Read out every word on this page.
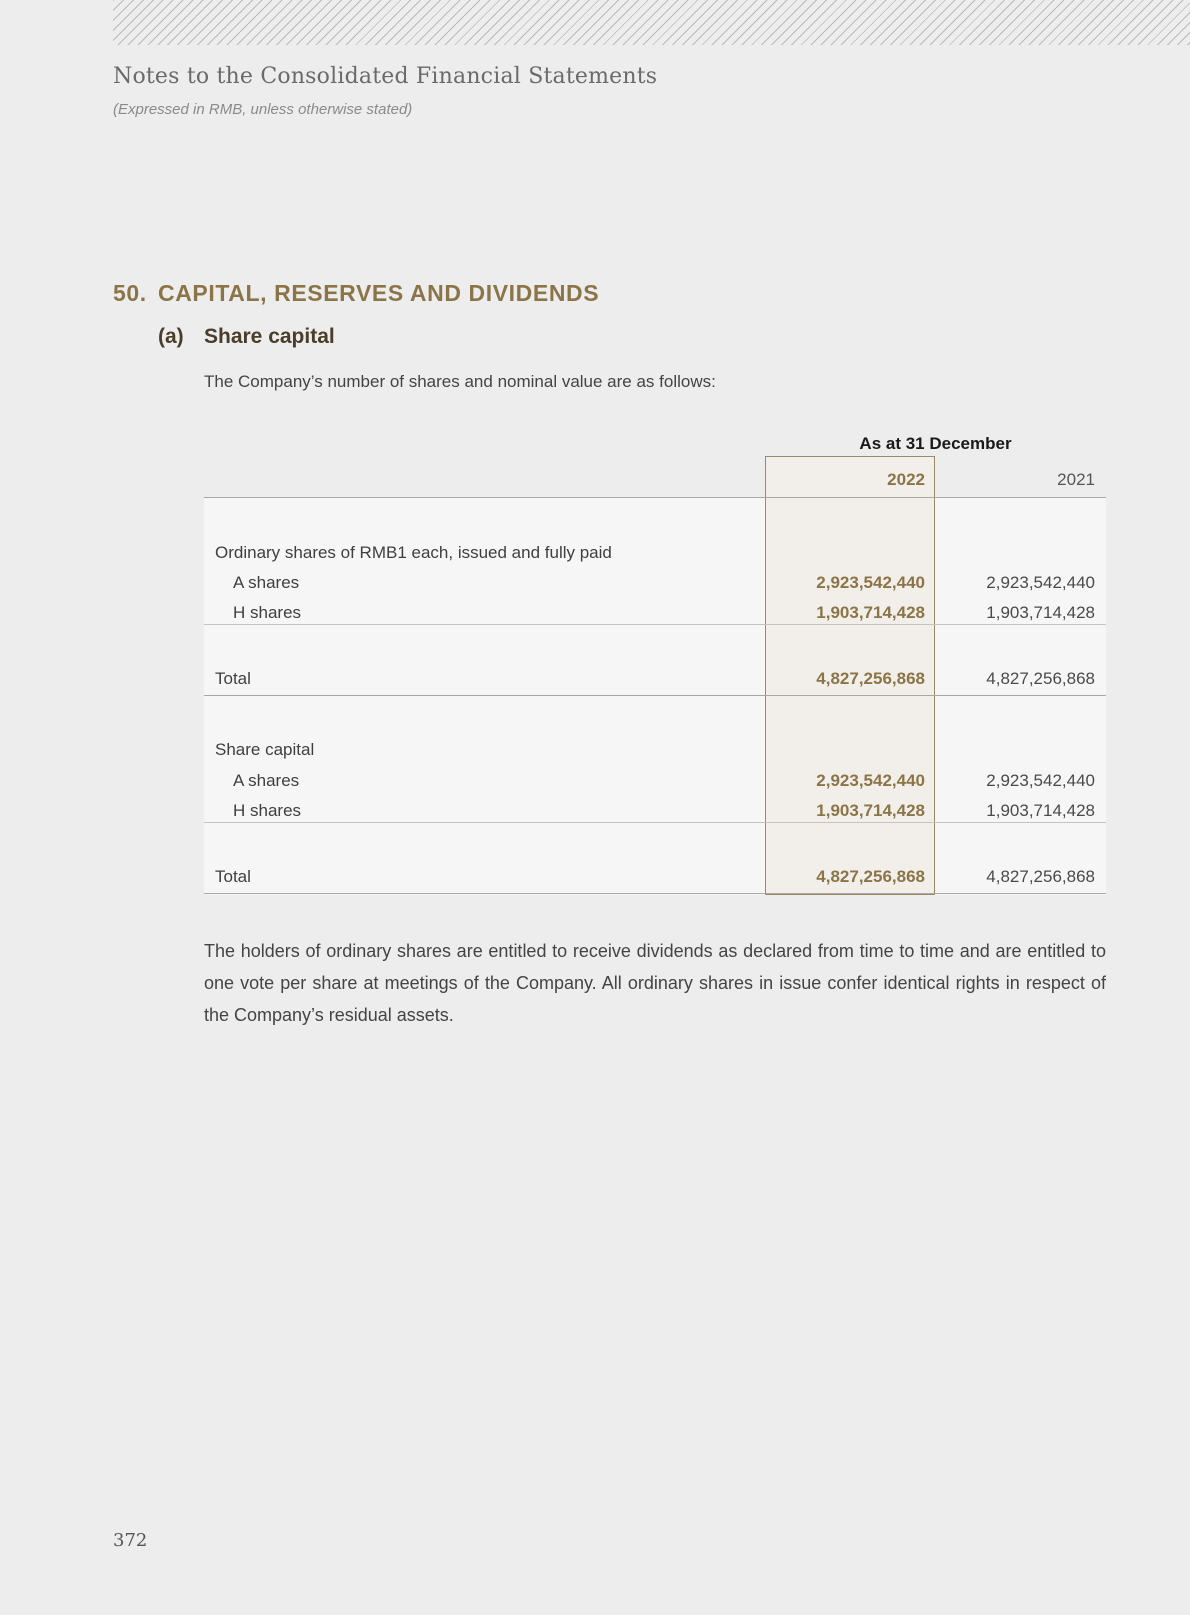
Notes to the Consolidated Financial Statements
(Expressed in RMB, unless otherwise stated)
50. CAPITAL, RESERVES AND DIVIDENDS
(a) Share capital
The Company’s number of shares and nominal value are as follows:
As at 31 December
2022	2021
Ordinary shares of RMB1 each, issued and fully paid
A shares	2,923,542,440	2,923,542,440
H shares	1,903,714,428	1,903,714,428
Total	4,827,256,868	4,827,256,868
Share capital
A shares	2,923,542,440	2,923,542,440
H shares	1,903,714,428	1,903,714,428
Total	4,827,256,868	4,827,256,868
The holders of ordinary shares are entitled to receive dividends as declared from time to time and are entitled to one vote per share at meetings of the Company. All ordinary shares in issue confer identical rights in respect of the Company’s residual assets.
372
